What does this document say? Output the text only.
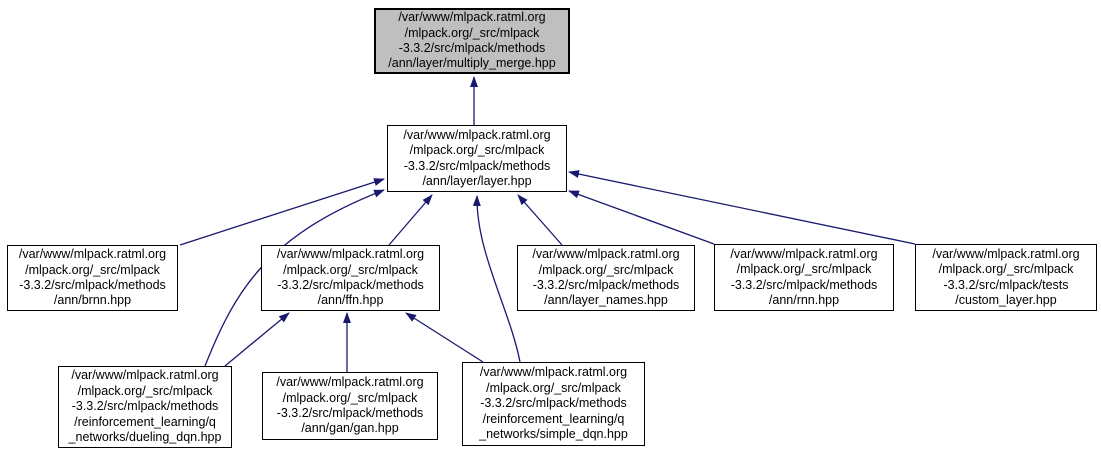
/var/www/mlpack.ratml.org
/mlpack.org/_src/mlpack
-3.3.2/src/mlpack/methods
/ann/layer/multiply_merge.hpp
/var/www/mlpack.ratml.org
/mlpack.org/_src/mlpack
-3.3.2/src/mlpack/methods
/ann/layer/layer.hpp
/var/www/mlpack.ratml.org
/mlpack.org/_src/mlpack
-3.3.2/src/mlpack/methods
/ann/brnn.hpp
/var/www/mlpack.ratml.org
/mlpack.org/_src/mlpack
-3.3.2/src/mlpack/methods
/ann/ffn.hpp
/var/www/mlpack.ratml.org
/mlpack.org/_src/mlpack
-3.3.2/src/mlpack/methods
/ann/layer_names.hpp
/var/www/mlpack.ratml.org
/mlpack.org/_src/mlpack
-3.3.2/src/mlpack/methods
/ann/rnn.hpp
/var/www/mlpack.ratml.org
/mlpack.org/_src/mlpack
-3.3.2/src/mlpack/tests
/custom_layer.hpp
/var/www/mlpack.ratml.org
/mlpack.org/_src/mlpack
-3.3.2/src/mlpack/methods
/reinforcement_learning/q
_networks/dueling_dqn.hpp
/var/www/mlpack.ratml.org
/mlpack.org/_src/mlpack
-3.3.2/src/mlpack/methods
/ann/gan/gan.hpp
/var/www/mlpack.ratml.org
/mlpack.org/_src/mlpack
-3.3.2/src/mlpack/methods
/reinforcement_learning/q
_networks/simple_dqn.hpp
